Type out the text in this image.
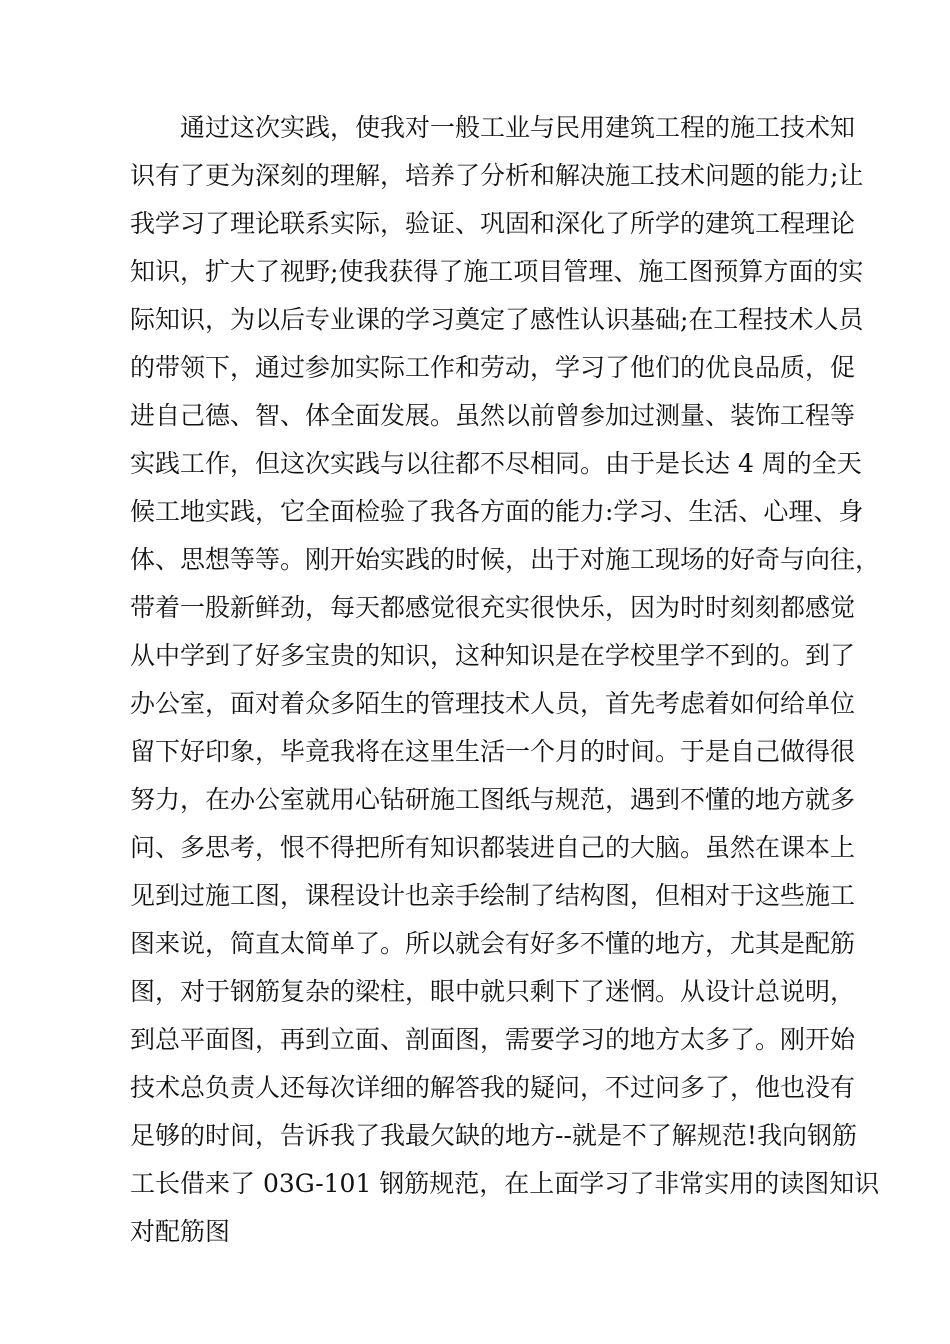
通过这次实践，使我对一般工业与民用建筑工程的施工技术知
识有了更为深刻的理解，培养了分析和解决施工技术问题的能力;让
我学习了理论联系实际，验证、巩固和深化了所学的建筑工程理论
知识，扩大了视野;使我获得了施工项目管理、施工图预算方面的实
际知识，为以后专业课的学习奠定了感性认识基础;在工程技术人员
的带领下，通过参加实际工作和劳动，学习了他们的优良品质，促
进自己德、智、体全面发展。虽然以前曾参加过测量、装饰工程等
实践工作，但这次实践与以往都不尽相同。由于是长达 4 周的全天
候工地实践，它全面检验了我各方面的能力:学习、生活、心理、身
体、思想等等。刚开始实践的时候，出于对施工现场的好奇与向往，
带着一股新鲜劲，每天都感觉很充实很快乐，因为时时刻刻都感觉
从中学到了好多宝贵的知识，这种知识是在学校里学不到的。到了
办公室，面对着众多陌生的管理技术人员，首先考虑着如何给单位
留下好印象，毕竟我将在这里生活一个月的时间。于是自己做得很
努力，在办公室就用心钻研施工图纸与规范，遇到不懂的地方就多
问、多思考，恨不得把所有知识都装进自己的大脑。虽然在课本上
见到过施工图，课程设计也亲手绘制了结构图，但相对于这些施工
图来说，简直太简单了。所以就会有好多不懂的地方，尤其是配筋
图，对于钢筋复杂的梁柱，眼中就只剩下了迷惘。从设计总说明，
到总平面图，再到立面、剖面图，需要学习的地方太多了。刚开始
技术总负责人还每次详细的解答我的疑问，不过问多了，他也没有
足够的时间，告诉我了我最欠缺的地方--就是不了解规范!我向钢筋
工长借来了 03G-101 钢筋规范，在上面学习了非常实用的读图知识
对配筋图
